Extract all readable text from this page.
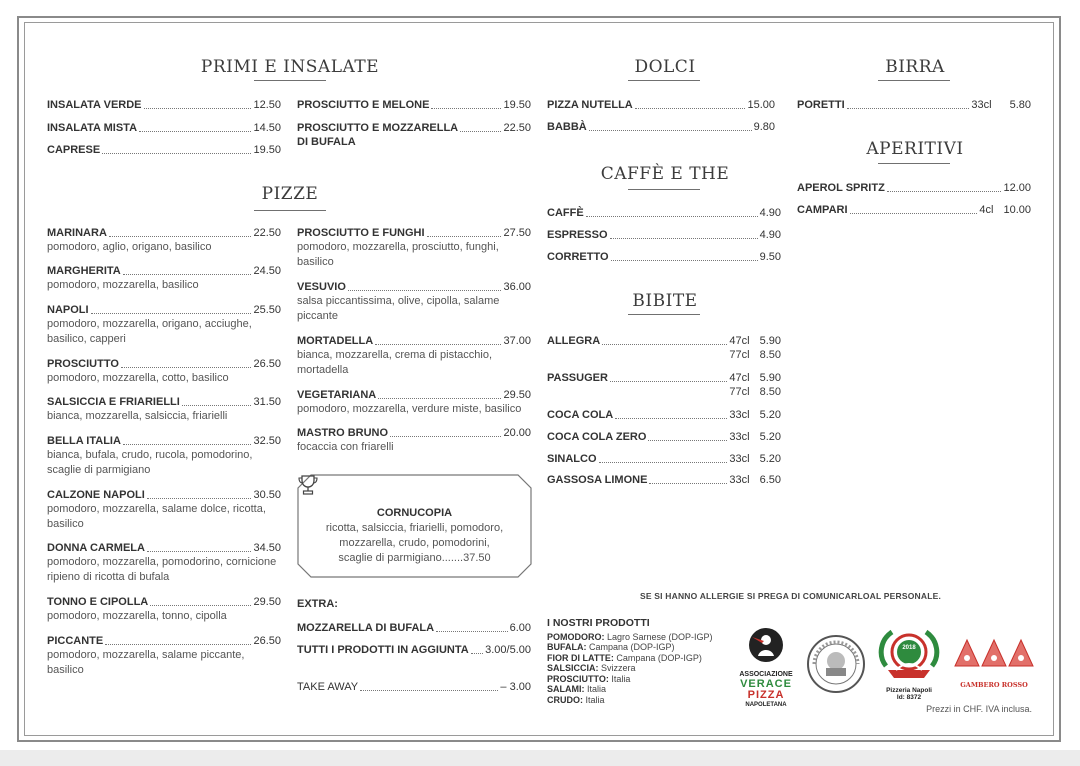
PRIMI E INSALATE
PIZZE
DOLCI
CAFFÈ E THE
BIBITE
BIRRA
APERITIVI
INSALATA VERDE	12.50
INSALATA MISTA	14.50
CAPRESE	19.50
PROSCIUTTO E MELONE	19.50
PROSCIUTTO E MOZZARELLA	22.50
DI BUFALA
MARINARA	22.50
pomodoro, aglio, origano, basilico
MARGHERITA	24.50
pomodoro, mozzarella, basilico
NAPOLI	25.50
pomodoro, mozzarella, origano, acciughe, basilico, capperi
PROSCIUTTO	26.50
pomodoro, mozzarella, cotto, basilico
SALSICCIA E FRIARIELLI	31.50
bianca, mozzarella, salsiccia, friarielli
BELLA ITALIA	32.50
bianca, bufala, crudo, rucola, pomodorino, scaglie di parmigiano
CALZONE NAPOLI	30.50
pomodoro, mozzarella, salame dolce, ricotta, basilico
DONNA CARMELA	34.50
pomodoro, mozzarella, pomodorino, cornicione ripieno di ricotta di bufala
TONNO E CIPOLLA	29.50
pomodoro, mozzarella, tonno, cipolla
PICCANTE	26.50
pomodoro, mozzarella, salame piccante, basilico
PROSCIUTTO E FUNGHI	27.50
pomodoro, mozzarella, prosciutto, funghi, basilico
VESUVIO	36.00
salsa piccantissima, olive, cipolla, salame piccante
MORTADELLA	37.00
bianca, mozzarella, crema di pistacchio, mortadella
VEGETARIANA	29.50
pomodoro, mozzarella, verdure miste, basilico
MASTRO BRUNO	20.00
focaccia con friarelli
CORNUCOPIA
ricotta, salsiccia, friarielli, pomodoro,
mozzarella, crudo, pomodorini,
scaglie di parmigiano.......37.50
EXTRA:
MOZZARELLA DI BUFALA	6.00
TUTTI I PRODOTTI IN AGGIUNTA 3.00/5.00
TAKE AWAY	– 3.00
PIZZA NUTELLA	15.00
BABBÀ	9.80
CAFFÈ	4.90
ESPRESSO	4.90
CORRETTO	9.50
ALLEGRA	47cl 5.90
77cl 8.50
PASSUGER	47cl 5.90
77cl 8.50
COCA COLA	33cl 5.20
COCA COLA ZERO	33cl 5.20
SINALCO	33cl 5.20
GASSOSA LIMONE	33cl 6.50
PORETTI	33cl 5.80
APEROL SPRITZ	12.00
CAMPARI	4cl 10.00
SE SI HANNO ALLERGIE SI PREGA DI COMUNICARLOAL PERSONALE.
I NOSTRI PRODOTTI
POMODORO: Lagro Sarnese (DOP-IGP)
BUFALA: Campana (DOP-IGP)
FIOR DI LATTE: Campana (DOP-IGP)
SALSICCIA: Svizzera
PROSCIUTTO: Italia
SALAMI: Italia
CRUDO: Italia
ASSOCIAZIONE
VERACE
PIZZA
NAPOLETANA
2018
Pizzeria Napoli
Id: 8372
GAMBERO ROSSO
Prezzi in CHF. IVA inclusa.
